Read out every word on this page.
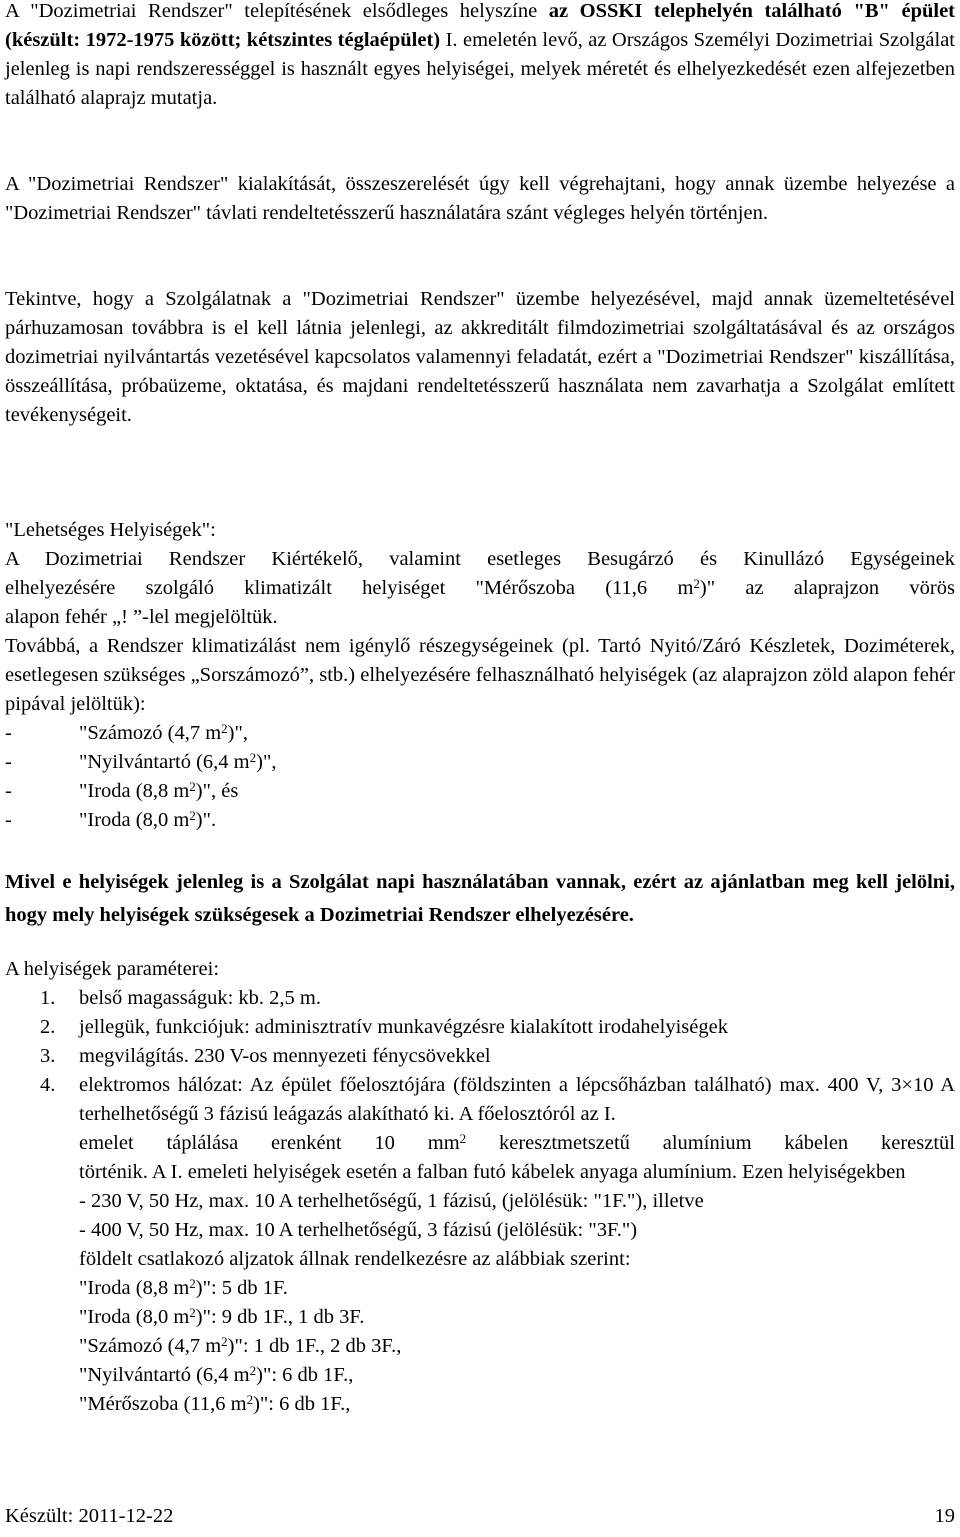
A "Dozimetriai Rendszer" telepítésének elsődleges helyszíne az OSSKI telephelyén található "B" épület (készült: 1972-1975 között; kétszintes téglaépület) I. emeletén levő, az Országos Személyi Dozimetriai Szolgálat jelenleg is napi rendszerességgel is használt egyes helyiségei, melyek méretét és elhelyezkedését ezen alfejezetben található alaprajz mutatja.

A "Dozimetriai Rendszer" kialakítását, összeszerelését úgy kell végrehajtani, hogy annak üzembe helyezése a "Dozimetriai Rendszer" távlati rendeltetésszerű használatára szánt végleges helyén történjen.

Tekintve, hogy a Szolgálatnak a "Dozimetriai Rendszer" üzembe helyezésével, majd annak üzemeltetésével párhuzamosan továbbra is el kell látnia jelenlegi, az akkreditált filmdozimetriai szolgáltatásával és az országos dozimetriai nyilvántartás vezetésével kapcsolatos valamennyi feladatát, ezért a "Dozimetriai Rendszer" kiszállítása, összeállítása, próbaüzeme, oktatása, és majdani rendeltetésszerű használata nem zavarhatja a Szolgálat említett tevékenységeit.

"Lehetséges Helyiségek":
A Dozimetriai Rendszer Kiértékelő, valamint esetleges Besugárzó és Kinullázó Egységeinek
elhelyezésére szolgáló klimatizált helyiséget "Mérőszoba (11,6 $m^2$)" az alaprajzon vörös
alapon fehér „! ”-lel megjelöltük.
Továbbá, a Rendszer klimatizálást nem igénylő részegységeinek (pl. Tartó Nyitó/Záró Készletek, Doziméterek, esetlegesen szükséges „Sorszámozó”, stb.) elhelyezésére felhasználható helyiségek (az alaprajzon zöld alapon fehér pipával jelöltük):
-	"Számozó (4,7 $m^2$)",
-	"Nyilvántartó (6,4 $m^2$)",
-	"Iroda (8,8 $m^2$)", és
-	"Iroda (8,0 $m^2$)".

Mivel e helyiségek jelenleg is a Szolgálat napi használatában vannak, ezért az ajánlatban meg kell jelölni, hogy mely helyiségek szükségesek a Dozimetriai Rendszer elhelyezésére.

A helyiségek paraméterei:
1. belső magasságuk: kb. 2,5 m.
2. jellegük, funkciójuk: adminisztratív munkavégzésre kialakított irodahelyiségek
3. megvilágítás. 230 V-os mennyezeti fénycsövekkel
4. elektromos hálózat: Az épület főelosztójára (földszinten a lépcsőházban található) max. 400 V, 3×10 A terhelhetőségű 3 fázisú leágazás alakítható ki. A főelosztóról az I.
emelet táplálása erenként 10 $mm^2$ keresztmetszetű alumínium kábelen keresztül
történik. A I. emeleti helyiségek esetén a falban futó kábelek anyaga alumínium. Ezen helyiségekben
- 230 V, 50 Hz, max. 10 A terhelhetőségű, 1 fázisú, (jelölésük: "1F."), illetve
- 400 V, 50 Hz, max. 10 A terhelhetőségű, 3 fázisú (jelölésük: "3F.")
földelt csatlakozó aljzatok állnak rendelkezésre az alábbiak szerint:
"Iroda (8,8 $m^2$)": 5 db 1F.
"Iroda (8,0 $m^2$)": 9 db 1F., 1 db 3F.
"Számozó (4,7 $m^2$)": 1 db 1F., 2 db 3F.,
"Nyilvántartó (6,4 $m^2$)": 6 db 1F.,
"Mérőszoba (11,6 $m^2$)": 6 db 1F.,
Készült: 2011-12-22	19
